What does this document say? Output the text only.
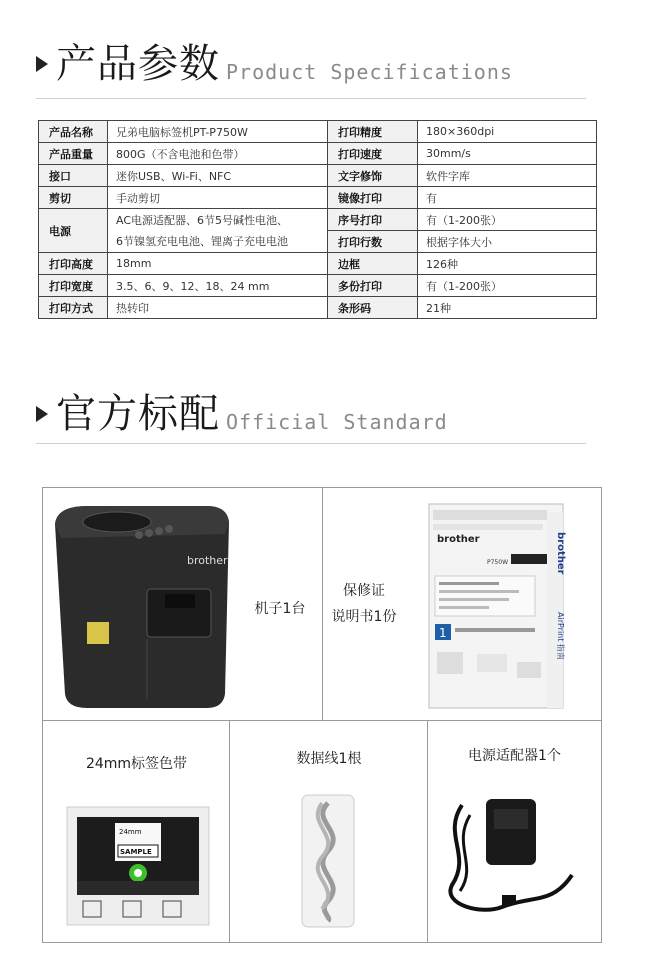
产品参数 Product Specifications
产品名称	兄弟电脑标签机PT-P750W	打印精度	180×360dpi
产品重量	800G（不含电池和色带）	打印速度	30mm/s
接口	迷你USB、Wi-Fi、NFC	文字修饰	软件字库
剪切	手动剪切	镜像打印	有
电源	AC电源适配器、6节5号碱性电池、	序号打印	有（1-200张）
	6节镍氢充电电池、锂离子充电电池	打印行数	根据字体大小
打印高度	18mm	边框	126种
打印宽度	3.5、6、9、12、18、24 mm	多份打印	有（1-200张）
打印方式	热转印	条形码	21种
官方标配 Official Standard
brother
机子1台
保修证
说明书1份
brother
P750W
1
brother
AirPrint 指南
24mm标签色带
24mm
SAMPLE
数据线1根	电源适配器1个
